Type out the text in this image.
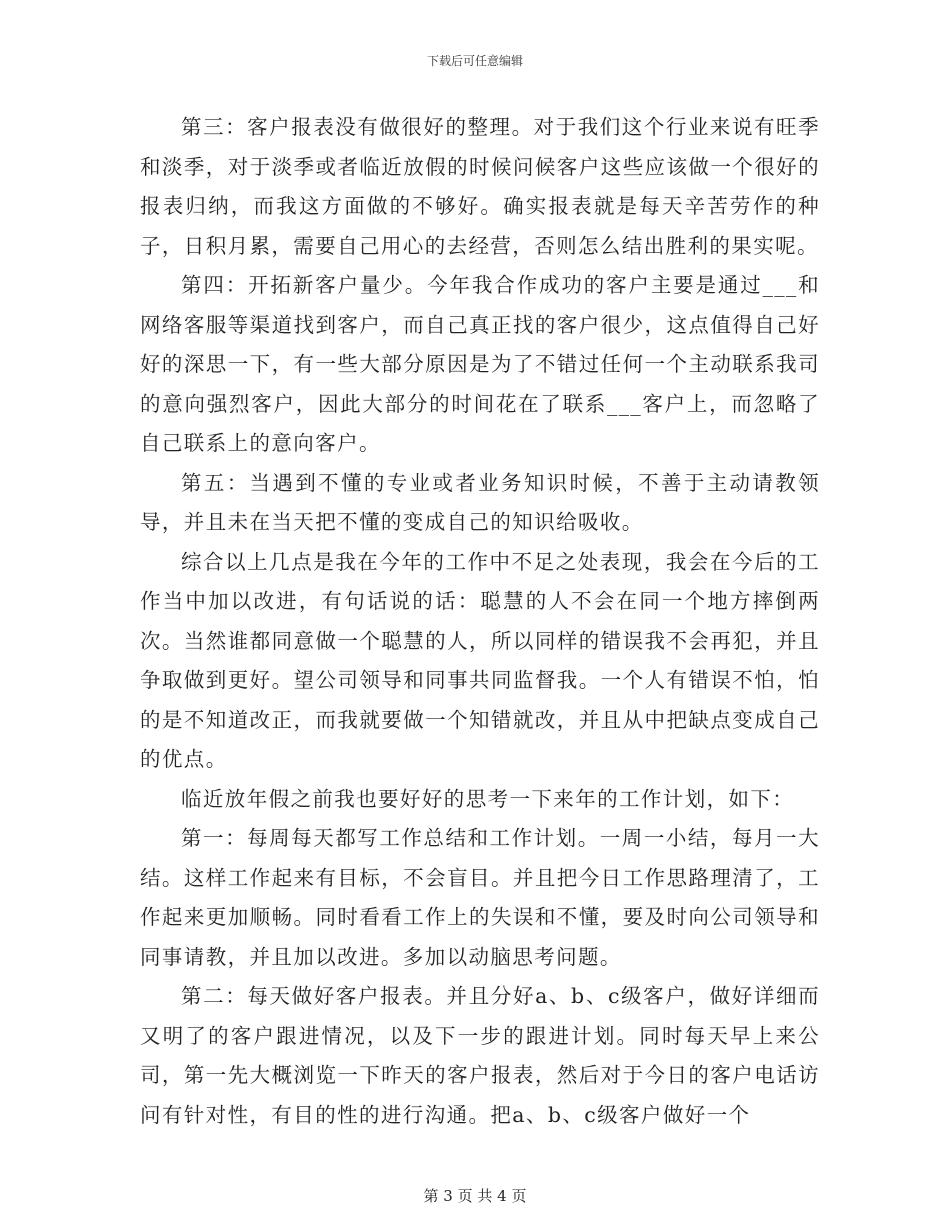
下载后可任意编辑

第三：客户报表没有做很好的整理。对于我们这个行业来说有旺季和淡季，对于淡季或者临近放假的时候问候客户这些应该做一个很好的报表归纳，而我这方面做的不够好。确实报表就是每天辛苦劳作的种子，日积月累，需要自己用心的去经营，否则怎么结出胜利的果实呢。

第四：开拓新客户量少。今年我合作成功的客户主要是通过___和网络客服等渠道找到客户，而自己真正找的客户很少，这点值得自己好好的深思一下，有一些大部分原因是为了不错过任何一个主动联系我司的意向强烈客户，因此大部分的时间花在了联系___客户上，而忽略了自己联系上的意向客户。

第五：当遇到不懂的专业或者业务知识时候，不善于主动请教领导，并且未在当天把不懂的变成自己的知识给吸收。

综合以上几点是我在今年的工作中不足之处表现，我会在今后的工作当中加以改进，有句话说的话：聪慧的人不会在同一个地方摔倒两次。当然谁都同意做一个聪慧的人，所以同样的错误我不会再犯，并且争取做到更好。望公司领导和同事共同监督我。一个人有错误不怕，怕的是不知道改正，而我就要做一个知错就改，并且从中把缺点变成自己的优点。

临近放年假之前我也要好好的思考一下来年的工作计划，如下：

第一：每周每天都写工作总结和工作计划。一周一小结，每月一大结。这样工作起来有目标，不会盲目。并且把今日工作思路理清了，工作起来更加顺畅。同时看看工作上的失误和不懂，要及时向公司领导和同事请教，并且加以改进。多加以动脑思考问题。

第二：每天做好客户报表。并且分好a、b、c级客户，做好详细而又明了的客户跟进情况，以及下一步的跟进计划。同时每天早上来公司，第一先大概浏览一下昨天的客户报表，然后对于今日的客户电话访问有针对性，有目的性的进行沟通。把a、b、c级客户做好一个

第 3 页 共 4 页
